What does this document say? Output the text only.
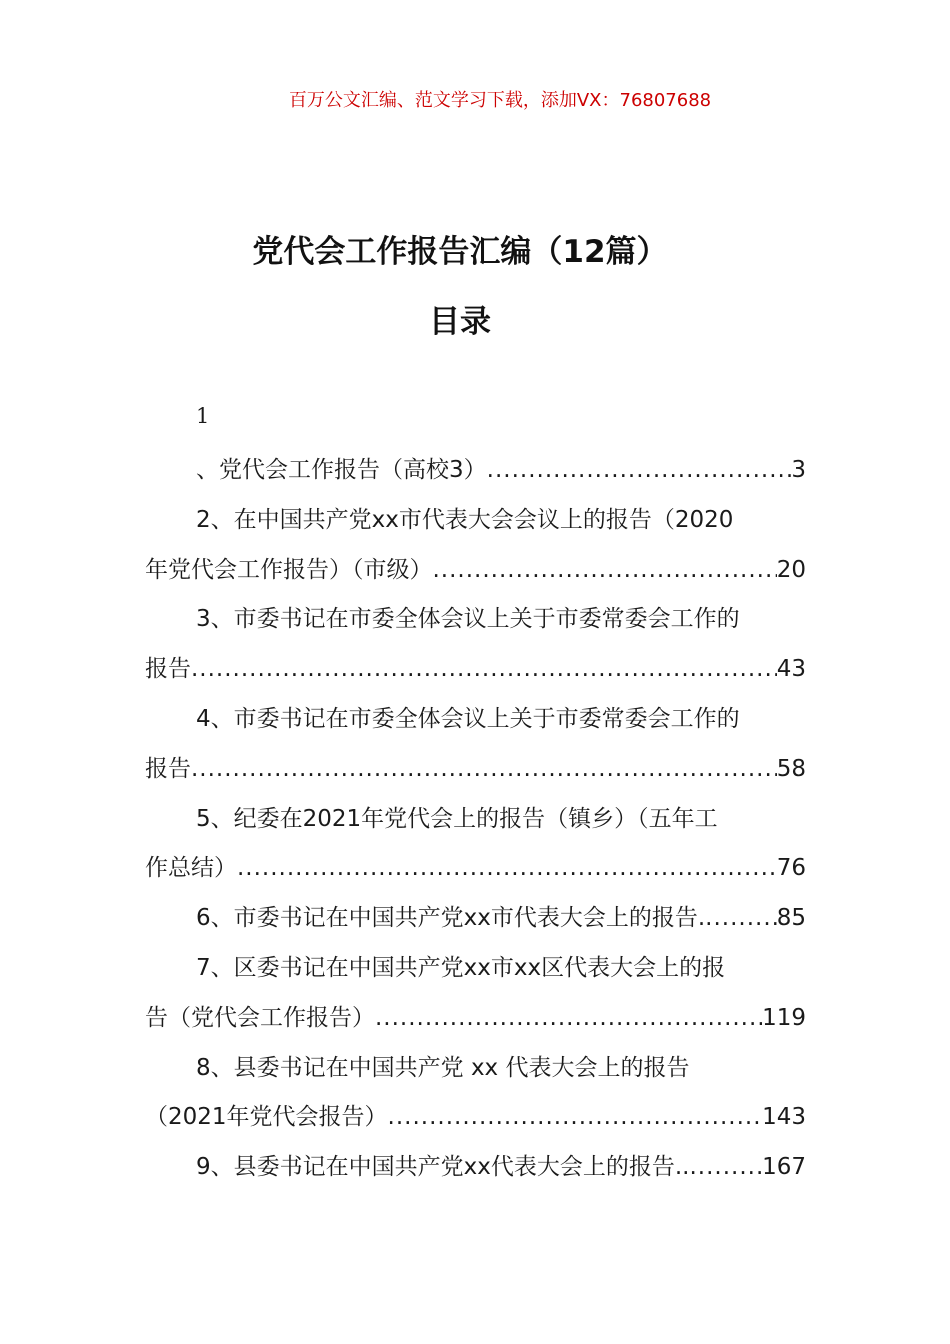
百万公文汇编、范文学习下载，添加VX：76807688
党代会工作报告汇编（12篇）
目录
1
、党代会工作报告（高校3） .....	3
2、在中国共产党xx市代表大会会议上的报告（2020
年党代会工作报告）（市级） .....	20
3、市委书记在市委全体会议上关于市委常委会工作的
报告 .....	43
4、市委书记在市委全体会议上关于市委常委会工作的
报告 .....	58
5、纪委在2021年党代会上的报告（镇乡）（五年工
作总结） .....	76
6、市委书记在中国共产党xx市代表大会上的报告. .....	85
7、区委书记在中国共产党xx市xx区代表大会上的报
告（党代会工作报告） .....	119
8、县委书记在中国共产党 xx 代表大会上的报告
（2021年党代会报告） .....	143
9、县委书记在中国共产党xx代表大会上的报告.. .....	167
